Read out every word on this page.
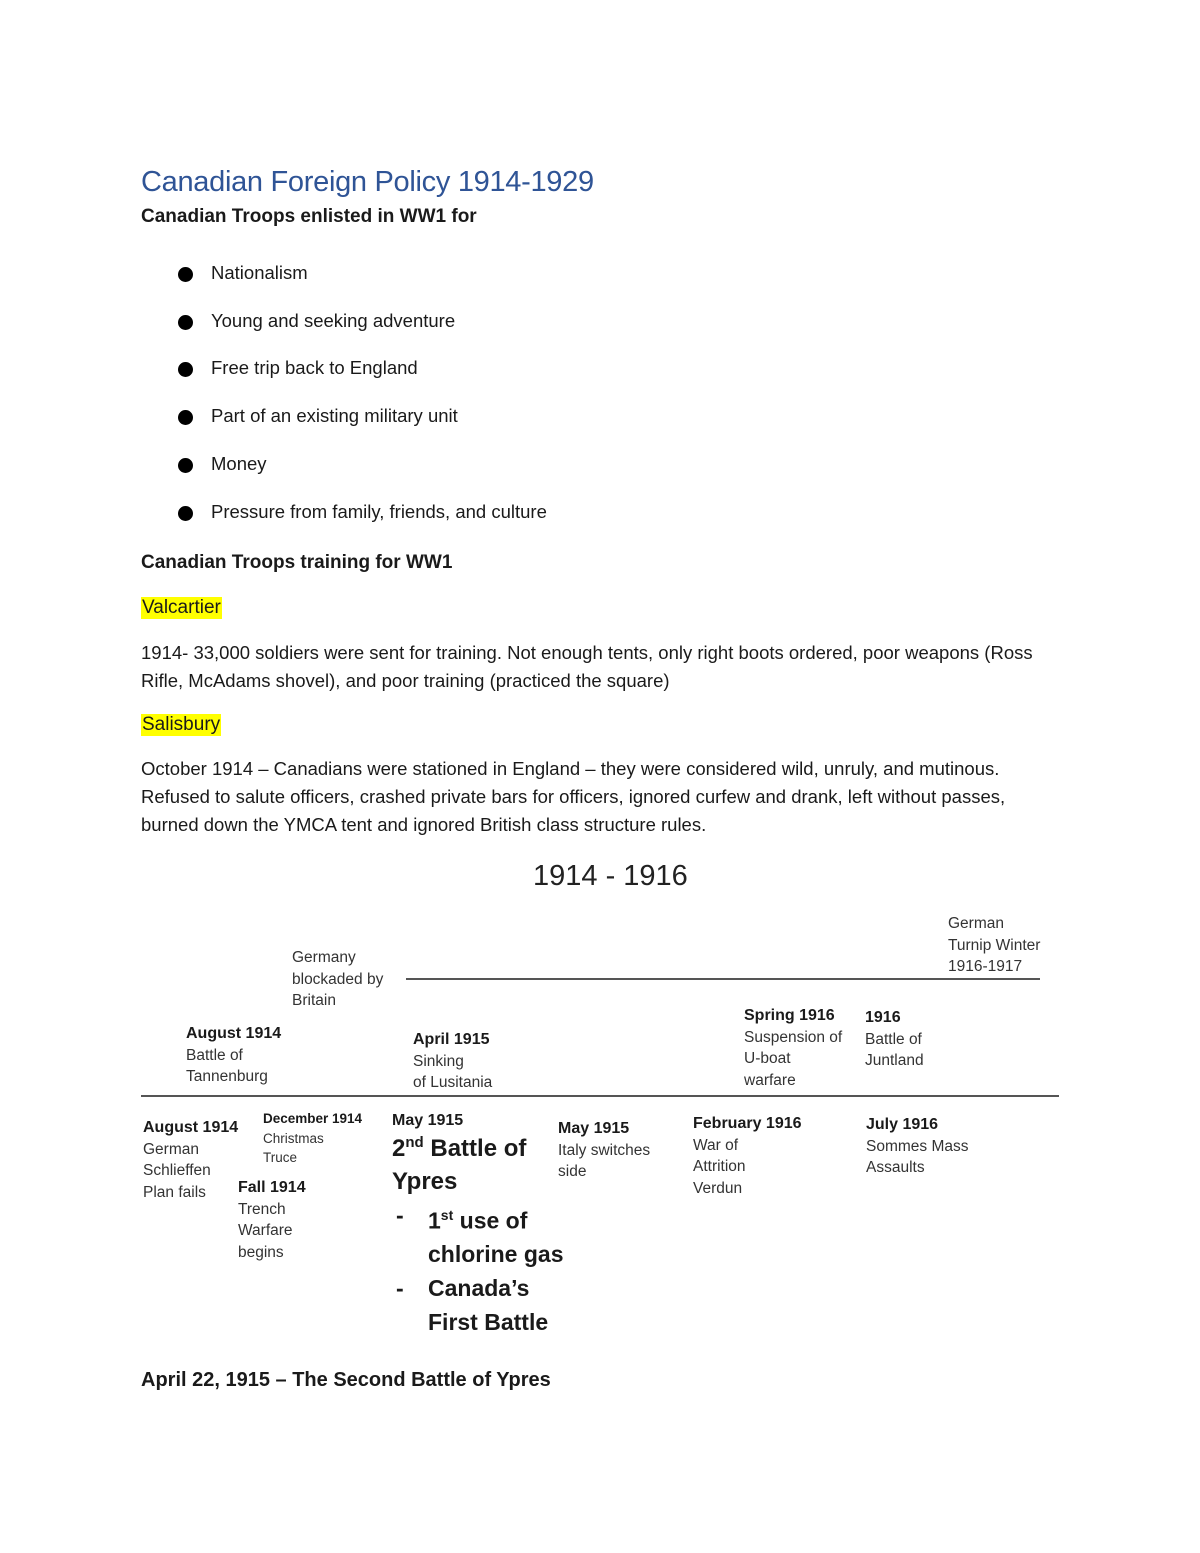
Canadian Foreign Policy 1914-1929
Canadian Troops enlisted in WW1 for
Nationalism
Young and seeking adventure
Free trip back to England
Part of an existing military unit
Money
Pressure from family, friends, and culture
Canadian Troops training for WW1
Valcartier
1914- 33,000 soldiers were sent for training. Not enough tents, only right boots ordered, poor weapons (Ross Rifle, McAdams shovel), and poor training (practiced the square)
Salisbury
October 1914 – Canadians were stationed in England – they were considered wild, unruly, and mutinous. Refused to salute officers, crashed private bars for officers, ignored curfew and drank, left without passes, burned down the YMCA tent and ignored British class structure rules.
1914 - 1916
Germany
blockaded by
Britain
German
Turnip Winter
1916-1917
August 1914
Battle of
Tannenburg
April 1915
Sinking
of Lusitania
Spring 1916
Suspension of
U-boat
warfare
1916
Battle of
Juntland
August 1914
German
Schlieffen
Plan fails
December 1914
Christmas
Truce
Fall 1914
Trench
Warfare
begins
May 1915
Italy switches
side
February 1916
War of
Attrition
Verdun
July 1916
Sommes Mass
Assaults
May 1915
2nd Battle of
Ypres
- 1st use of
chlorine gas
- Canada’s
First Battle
April 22, 1915 – The Second Battle of Ypres
